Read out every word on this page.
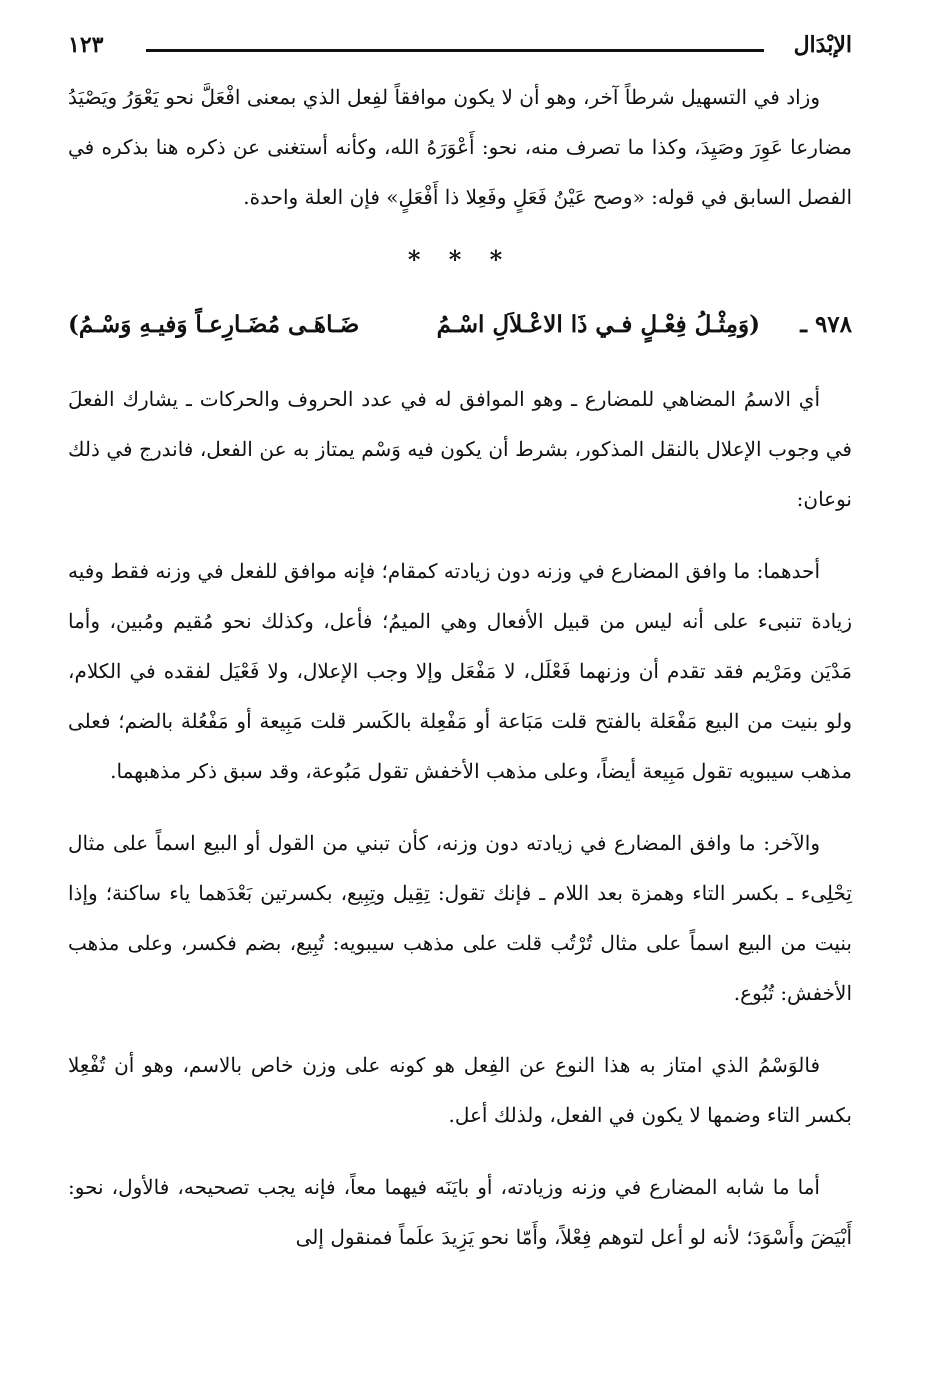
الإبْدَال
١٢٣

وزاد في التسهيل شرطاً آخر، وهو أن لا يكون موافقاً لفِعل الذي بمعنى افْعَلَّ نحو يَعْوَرُ ويَصْيَدُ مضارعا عَوِرَ وصَيِدَ، وكذا ما تصرف منه، نحو: أَعْوَرَهُ الله، وكأنه أستغنى عن ذكره هنا بذكره في الفصل السابق في قوله: «وصح عَيْنُ فَعَلٍ وفَعِلا ذا أَفْعَلٍ» فإن العلة واحدة.

* * *
٩٧٨ ـ
(وَمِثْـلُ فِعْـلٍ فـي ذَا الاعْـلاَلِ اسْـمُ
ضَـاهَـى مُضَـارِعـاً وَفيـهِ وَسْـمُ)

أي الاسمُ المضاهي للمضارع ـ وهو الموافق له في عدد الحروف والحركات ـ يشارك الفعلَ في وجوب الإعلال بالنقل المذكور، بشرط أن يكون فيه وَسْم يمتاز به عن الفعل، فاندرج في ذلك نوعان:

أحدهما: ما وافق المضارع في وزنه دون زيادته كمقام؛ فإنه موافق للفعل في وزنه فقط وفيه زيادة تنبىء على أنه ليس من قبيل الأفعال وهي الميمُ؛ فأعل، وكذلك نحو مُقيم ومُبين، وأما مَدْيَن ومَرْيم فقد تقدم أن وزنهما فَعْلَل، لا مَفْعَل وإلا وجب الإعلال، ولا فَعْيَل لفقده في الكلام، ولو بنيت من البيع مَفْعَلة بالفتح قلت مَبَاعة أو مَفْعِلة بالكَسر قلت مَبِيعة أو مَفْعُلة بالضم؛ فعلى مذهب سيبويه تقول مَبِيعة أيضاً، وعلى مذهب الأخفش تقول مَبُوعة، وقد سبق ذكر مذهبهما.

والآخر: ما وافق المضارع في زيادته دون وزنه، كأن تبني من القول أو البيع اسماً على مثال تِحْلِىء ـ بكسر التاء وهمزة بعد اللام ـ فإنك تقول: تِقِيل وتِبِيع، بكسرتين بَعْدَهما ياء ساكنة؛ وإذا بنيت من البيع اسماً على مثال تُرْتُب قلت على مذهب سيبويه: تُبِيع، بضم فكسر، وعلى مذهب الأخفش: تُبُوع.

فالوَسْمُ الذي امتاز به هذا النوع عن الفِعل هو كونه على وزن خاص بالاسم، وهو أن تُفْعِلا بكسر التاء وضمها لا يكون في الفعل، ولذلك أعل.

أما ما شابه المضارع في وزنه وزيادته، أو بايَنَه فيهما معاً، فإنه يجب تصحيحه، فالأول، نحو: أَبْيَضَ وأَسْوَدَ؛ لأنه لو أعل لتوهم فِعْلاً، وأَمّا نحو يَزِيدَ علَماً فمنقول إلى
